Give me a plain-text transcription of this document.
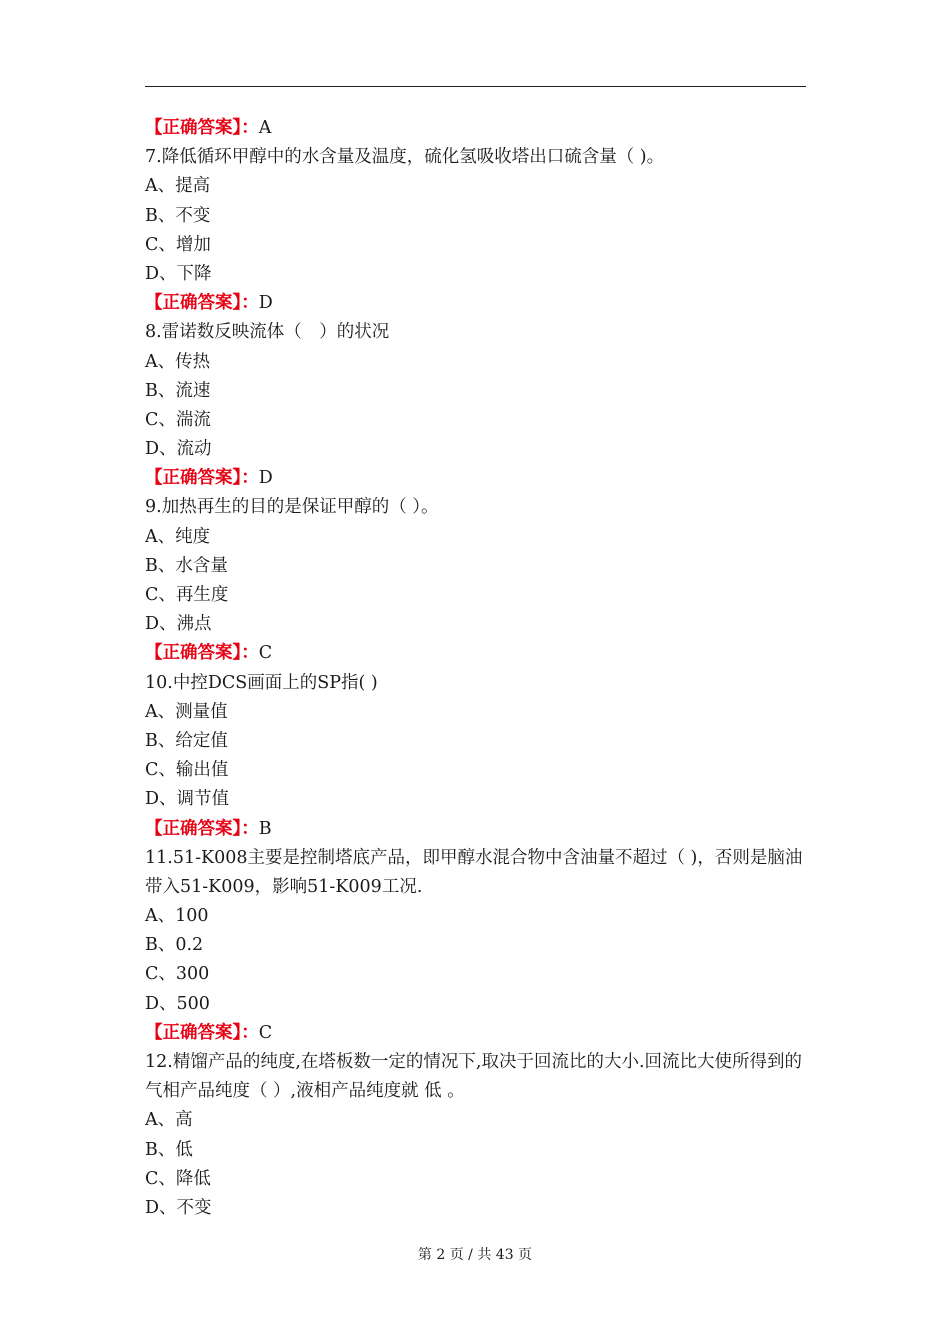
【正确答案】：A
7.降低循环甲醇中的水含量及温度，硫化氢吸收塔出口硫含量（ )。
A、提高
B、不变
C、增加
D、下降
【正确答案】：D
8.雷诺数反映流体（　）的状况
A、传热
B、流速
C、湍流
D、流动
【正确答案】：D
9.加热再生的目的是保证甲醇的（ ）。
A、纯度
B、水含量
C、再生度
D、沸点
【正确答案】：C
10.中控DCS画面上的SP指( )
A、测量值
B、给定值
C、输出值
D、调节值
【正确答案】：B
11.51-K008主要是控制塔底产品，即甲醇水混合物中含油量不超过（ )，否则是脑油带入51-K009，影响51-K009工况.
A、100
B、0.2
C、300
D、500
【正确答案】：C
12.精馏产品的纯度,在塔板数一定的情况下,取决于回流比的大小.回流比大使所得到的气相产品纯度（ ）,液相产品纯度就 低 。
A、高
B、低
C、降低
D、不变
第 2 页 / 共 43 页
